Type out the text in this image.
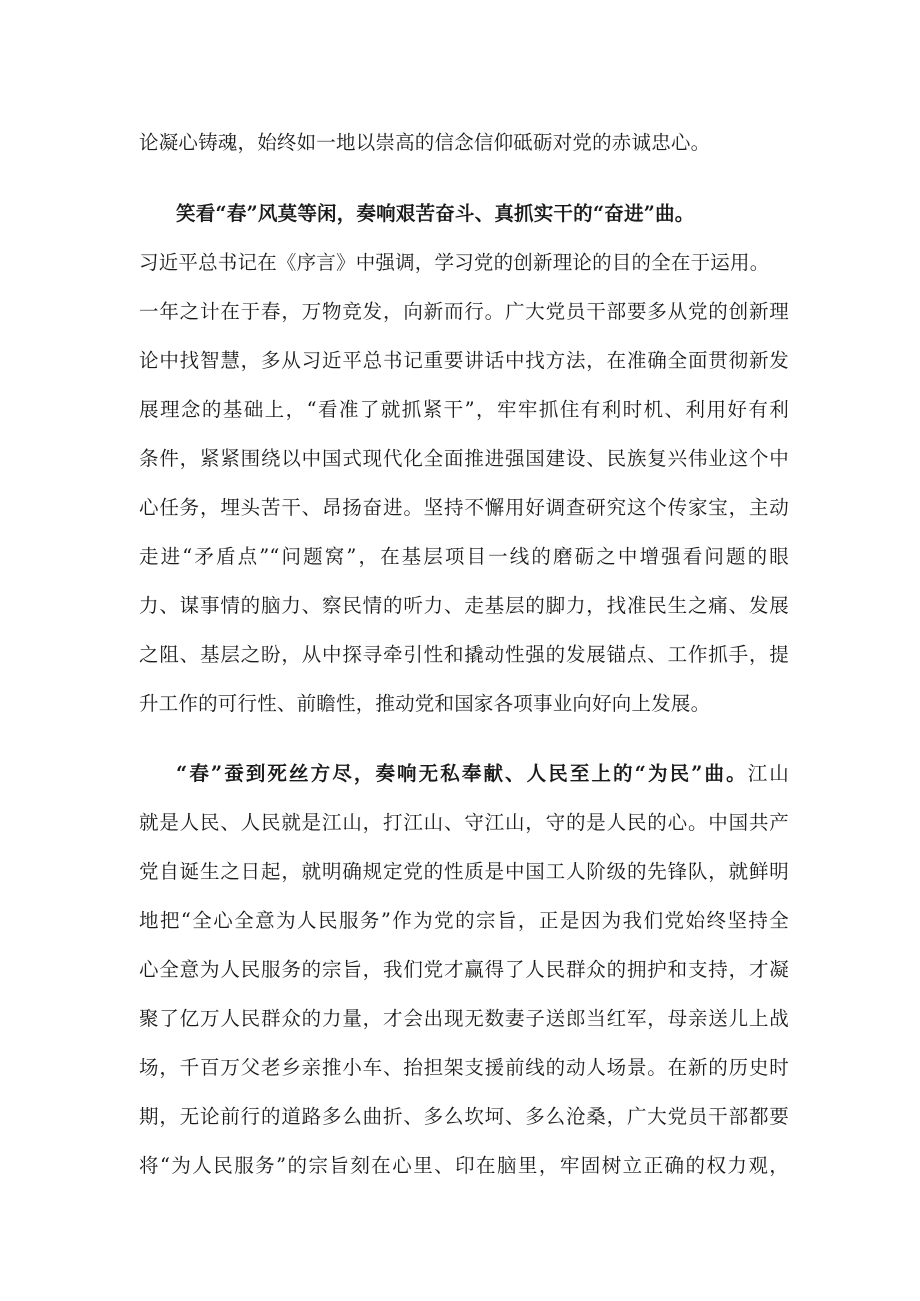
论凝心铸魂，始终如一地以崇高的信念信仰砥砺对党的赤诚忠心。
笑看“春”风莫等闲，奏响艰苦奋斗、真抓实干的“奋进”曲。
习近平总书记在《序言》中强调，学习党的创新理论的目的全在于运用。
一年之计在于春，万物竞发，向新而行。广大党员干部要多从党的创新理
论中找智慧，多从习近平总书记重要讲话中找方法，在准确全面贯彻新发
展理念的基础上，“看准了就抓紧干”，牢牢抓住有利时机、利用好有利
条件，紧紧围绕以中国式现代化全面推进强国建设、民族复兴伟业这个中
心任务，埋头苦干、昂扬奋进。坚持不懈用好调查研究这个传家宝，主动
走进“矛盾点”“问题窝”，在基层项目一线的磨砺之中增强看问题的眼
力、谋事情的脑力、察民情的听力、走基层的脚力，找准民生之痛、发展
之阻、基层之盼，从中探寻牵引性和撬动性强的发展锚点、工作抓手，提
升工作的可行性、前瞻性，推动党和国家各项事业向好向上发展。
“春”蚕到死丝方尽，奏响无私奉献、人民至上的“为民”曲。江山
就是人民、人民就是江山，打江山、守江山，守的是人民的心。中国共产
党自诞生之日起，就明确规定党的性质是中国工人阶级的先锋队，就鲜明
地把“全心全意为人民服务”作为党的宗旨，正是因为我们党始终坚持全
心全意为人民服务的宗旨，我们党才赢得了人民群众的拥护和支持，才凝
聚了亿万人民群众的力量，才会出现无数妻子送郎当红军，母亲送儿上战
场，千百万父老乡亲推小车、抬担架支援前线的动人场景。在新的历史时
期，无论前行的道路多么曲折、多么坎坷、多么沧桑，广大党员干部都要
将“为人民服务”的宗旨刻在心里、印在脑里，牢固树立正确的权力观，
